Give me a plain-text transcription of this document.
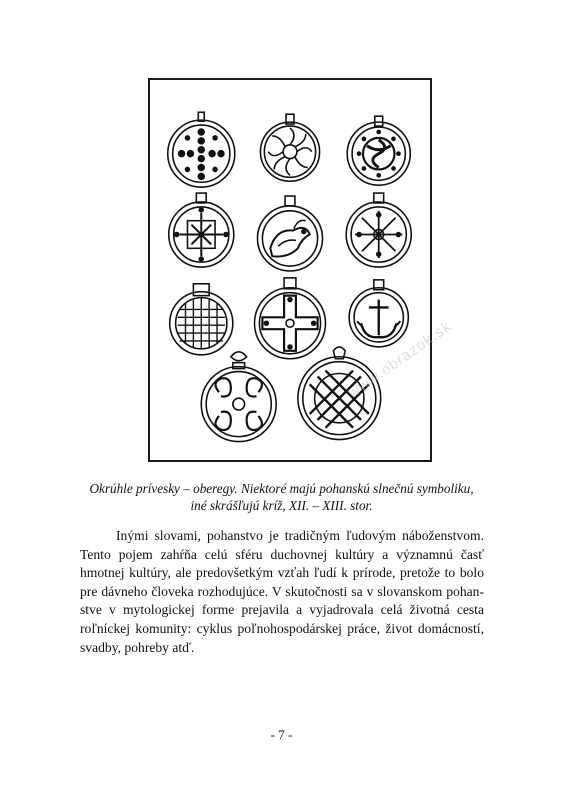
www.obrazok.sk
Okrúhle prívesky – oberegy. Niektoré majú pohanskú slnečnú symboliku,
iné skrášľujú kríž, XII. – XIII. stor.
Inými slovami, pohanstvo je tradičným ľudovým náboženstvom.
Tento pojem zahŕňa celú sféru duchovnej kultúry a významnú časť
hmotnej kultúry, ale predovšetkým vzťah ľudí k prírode, pretože to bolo
pre dávneho človeka rozhodujúce. V skutočnosti sa v slovanskom pohan-
stve v mytologickej forme prejavila a vyjadrovala celá životná cesta
roľníckej komunity: cyklus poľnohospodárskej práce, život domácností,
svadby, pohreby atď.
- 7 -
